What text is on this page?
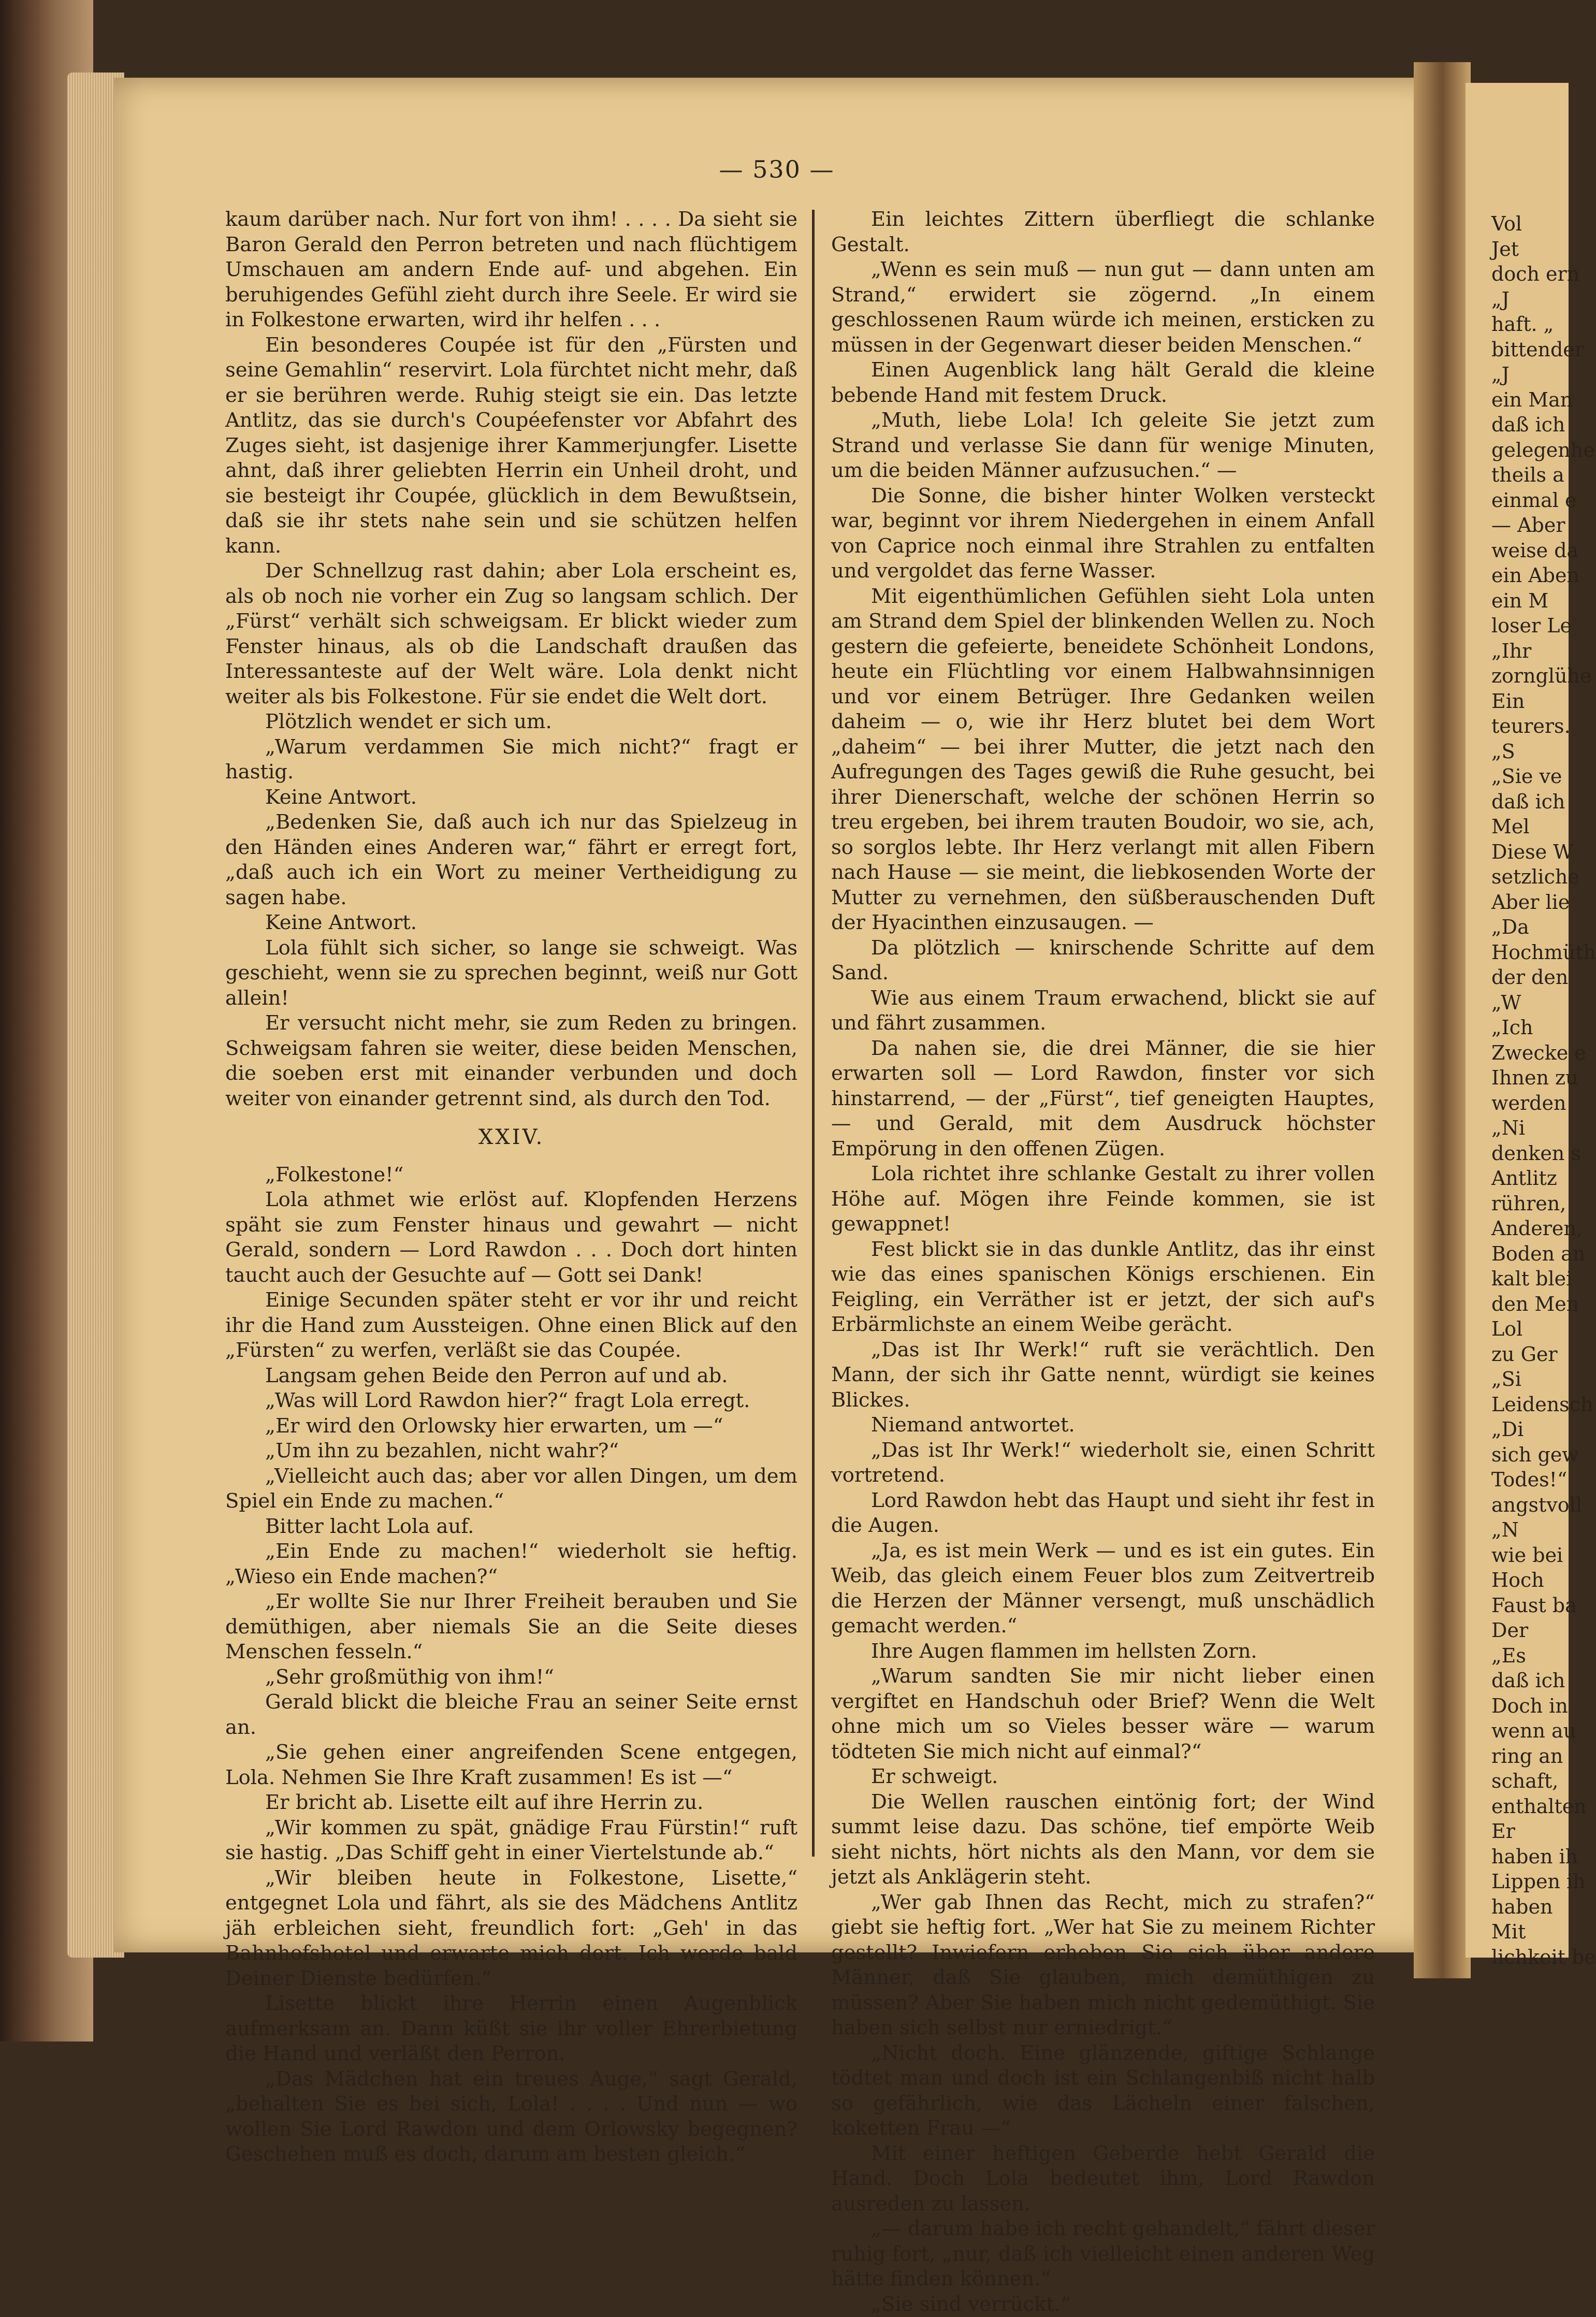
Vol
Jet
doch ern
„J
haft. „
bittender
„J
ein Man
daß ich
gelegenhe
theils a
einmal e
— Aber
weise da
ein Aben
ein M
loser Le
„Ihr
zornglühe
Ein
teurers.
„S
„Sie ve
daß ich
Mel
Diese W
setzliche
Aber lie
„Da
Hochmüth
der den
„W
„Ich
Zwecke e
Ihnen zu
werden
„Ni
denken s
Antlitz
rühren,
Anderen,
Boden an
kalt blei
den Men
Lol
zu Ger
„Si
Leidensch
„Di
sich gew
Todes!“
angstvoll
„N
wie bei
Hoch
Faust ba
Der
„Es
daß ich
Doch in
wenn au
ring an
schaft,
enthalten
Er
haben ih
Lippen ih
haben
Mit
lichkeit be
— 530 —

kaum darüber nach. Nur fort von ihm! . . . . Da sieht sie Baron Gerald den Perron betreten und nach flüchtigem Umschauen am andern Ende auf- und abgehen. Ein beruhigendes Gefühl zieht durch ihre Seele. Er wird sie in Folkestone erwarten, wird ihr helfen . . .

Ein besonderes Coupée ist für den „Fürsten und seine Gemahlin“ reservirt. Lola fürchtet nicht mehr, daß er sie berühren werde. Ruhig steigt sie ein. Das letzte Antlitz, das sie durch's Coupéefenster vor Abfahrt des Zuges sieht, ist dasjenige ihrer Kammerjungfer. Lisette ahnt, daß ihrer geliebten Herrin ein Unheil droht, und sie besteigt ihr Coupée, glücklich in dem Bewußtsein, daß sie ihr stets nahe sein und sie schützen helfen kann.

Der Schnellzug rast dahin; aber Lola erscheint es, als ob noch nie vorher ein Zug so langsam schlich. Der „Fürst“ verhält sich schweigsam. Er blickt wieder zum Fenster hinaus, als ob die Landschaft draußen das Interessanteste auf der Welt wäre. Lola denkt nicht weiter als bis Folkestone. Für sie endet die Welt dort.

Plötzlich wendet er sich um.

„Warum verdammen Sie mich nicht?“ fragt er hastig.

Keine Antwort.

„Bedenken Sie, daß auch ich nur das Spielzeug in den Händen eines Anderen war,“ fährt er erregt fort, „daß auch ich ein Wort zu meiner Vertheidigung zu sagen habe.

Keine Antwort.

Lola fühlt sich sicher, so lange sie schweigt. Was geschieht, wenn sie zu sprechen beginnt, weiß nur Gott allein!

Er versucht nicht mehr, sie zum Reden zu bringen. Schweigsam fahren sie weiter, diese beiden Menschen, die soeben erst mit einander verbunden und doch weiter von einander getrennt sind, als durch den Tod.

XXIV.

„Folkestone!“

Lola athmet wie erlöst auf. Klopfenden Herzens späht sie zum Fenster hinaus und gewahrt — nicht Gerald, sondern — Lord Rawdon . . . Doch dort hinten taucht auch der Gesuchte auf — Gott sei Dank!

Einige Secunden später steht er vor ihr und reicht ihr die Hand zum Aussteigen. Ohne einen Blick auf den „Fürsten“ zu werfen, verläßt sie das Coupée.

Langsam gehen Beide den Perron auf und ab.

„Was will Lord Rawdon hier?“ fragt Lola erregt.

„Er wird den Orlowsky hier erwarten, um —“

„Um ihn zu bezahlen, nicht wahr?“

„Vielleicht auch das; aber vor allen Dingen, um dem Spiel ein Ende zu machen.“

Bitter lacht Lola auf.

„Ein Ende zu machen!“ wiederholt sie heftig. „Wieso ein Ende machen?“

„Er wollte Sie nur Ihrer Freiheit berauben und Sie demüthigen, aber niemals Sie an die Seite dieses Menschen fesseln.“

„Sehr großmüthig von ihm!“

Gerald blickt die bleiche Frau an seiner Seite ernst an.

„Sie gehen einer angreifenden Scene entgegen, Lola. Nehmen Sie Ihre Kraft zusammen! Es ist —“

Er bricht ab. Lisette eilt auf ihre Herrin zu.

„Wir kommen zu spät, gnädige Frau Fürstin!“ ruft sie hastig. „Das Schiff geht in einer Viertelstunde ab.“

„Wir bleiben heute in Folkestone, Lisette,“ entgegnet Lola und fährt, als sie des Mädchens Antlitz jäh erbleichen sieht, freundlich fort: „Geh' in das Bahnhofshotel und erwarte mich dort. Ich werde bald Deiner Dienste bedürfen.“

Lisette blickt ihre Herrin einen Augenblick aufmerksam an. Dann küßt sie ihr voller Ehrerbietung die Hand und verläßt den Perron.

„Das Mädchen hat ein treues Auge,“ sagt Gerald, „behalten Sie es bei sich, Lola! . . . . Und nun — wo wollen Sie Lord Rawdon und dem Orlowsky begegnen? Geschehen muß es doch, darum am besten gleich.“

Ein leichtes Zittern überfliegt die schlanke Gestalt.

„Wenn es sein muß — nun gut — dann unten am Strand,“ erwidert sie zögernd. „In einem geschlossenen Raum würde ich meinen, ersticken zu müssen in der Gegenwart dieser beiden Menschen.“

Einen Augenblick lang hält Gerald die kleine bebende Hand mit festem Druck.

„Muth, liebe Lola! Ich geleite Sie jetzt zum Strand und verlasse Sie dann für wenige Minuten, um die beiden Männer aufzusuchen.“ —

Die Sonne, die bisher hinter Wolken versteckt war, beginnt vor ihrem Niedergehen in einem Anfall von Caprice noch einmal ihre Strahlen zu entfalten und vergoldet das ferne Wasser.

Mit eigenthümlichen Gefühlen sieht Lola unten am Strand dem Spiel der blinkenden Wellen zu. Noch gestern die gefeierte, beneidete Schönheit Londons, heute ein Flüchtling vor einem Halbwahnsinnigen und vor einem Betrüger. Ihre Gedanken weilen daheim — o, wie ihr Herz blutet bei dem Wort „daheim“ — bei ihrer Mutter, die jetzt nach den Aufregungen des Tages gewiß die Ruhe gesucht, bei ihrer Dienerschaft, welche der schönen Herrin so treu ergeben, bei ihrem trauten Boudoir, wo sie, ach, so sorglos lebte. Ihr Herz verlangt mit allen Fibern nach Hause — sie meint, die liebkosenden Worte der Mutter zu vernehmen, den süßberauschenden Duft der Hyacinthen einzusaugen. —

Da plötzlich — knirschende Schritte auf dem Sand.

Wie aus einem Traum erwachend, blickt sie auf und fährt zusammen.

Da nahen sie, die drei Männer, die sie hier erwarten soll — Lord Rawdon, finster vor sich hinstarrend, — der „Fürst“, tief geneigten Hauptes, — und Gerald, mit dem Ausdruck höchster Empörung in den offenen Zügen.

Lola richtet ihre schlanke Gestalt zu ihrer vollen Höhe auf. Mögen ihre Feinde kommen, sie ist gewappnet!

Fest blickt sie in das dunkle Antlitz, das ihr einst wie das eines spanischen Königs erschienen. Ein Feigling, ein Verräther ist er jetzt, der sich auf's Erbärmlichste an einem Weibe gerächt.

„Das ist Ihr Werk!“ ruft sie verächtlich. Den Mann, der sich ihr Gatte nennt, würdigt sie keines Blickes.

Niemand antwortet.

„Das ist Ihr Werk!“ wiederholt sie, einen Schritt vortretend.

Lord Rawdon hebt das Haupt und sieht ihr fest in die Augen.

„Ja, es ist mein Werk — und es ist ein gutes. Ein Weib, das gleich einem Feuer blos zum Zeitvertreib die Herzen der Männer versengt, muß unschädlich gemacht werden.“

Ihre Augen flammen im hellsten Zorn.

„Warum sandten Sie mir nicht lieber einen vergiftet en Handschuh oder Brief? Wenn die Welt ohne mich um so Vieles besser wäre — warum tödteten Sie mich nicht auf einmal?“

Er schweigt.

Die Wellen rauschen eintönig fort; der Wind summt leise dazu. Das schöne, tief empörte Weib sieht nichts, hört nichts als den Mann, vor dem sie jetzt als Anklägerin steht.

„Wer gab Ihnen das Recht, mich zu strafen?“ giebt sie heftig fort. „Wer hat Sie zu meinem Richter gestellt? Inwiefern erheben Sie sich über andere Männer, daß Sie glauben, mich demüthigen zu müssen? Aber Sie haben mich nicht gedemüthigt. Sie haben sich selbst nur erniedrigt.“

„Nicht doch. Eine glänzende, giftige Schlange tödtet man und doch ist ein Schlangenbiß nicht halb so gefährlich, wie das Lächeln einer falschen, koketten Frau —“

Mit einer heftigen Geberde hebt Gerald die Hand. Doch Lola bedeutet ihm, Lord Rawdon ausreden zu lassen.

„— darum habe ich recht gehandelt,“ fährt dieser ruhig fort, „nur, daß ich vielleicht einen anderen Weg hätte finden können.“

„Sie sind verrückt.“
